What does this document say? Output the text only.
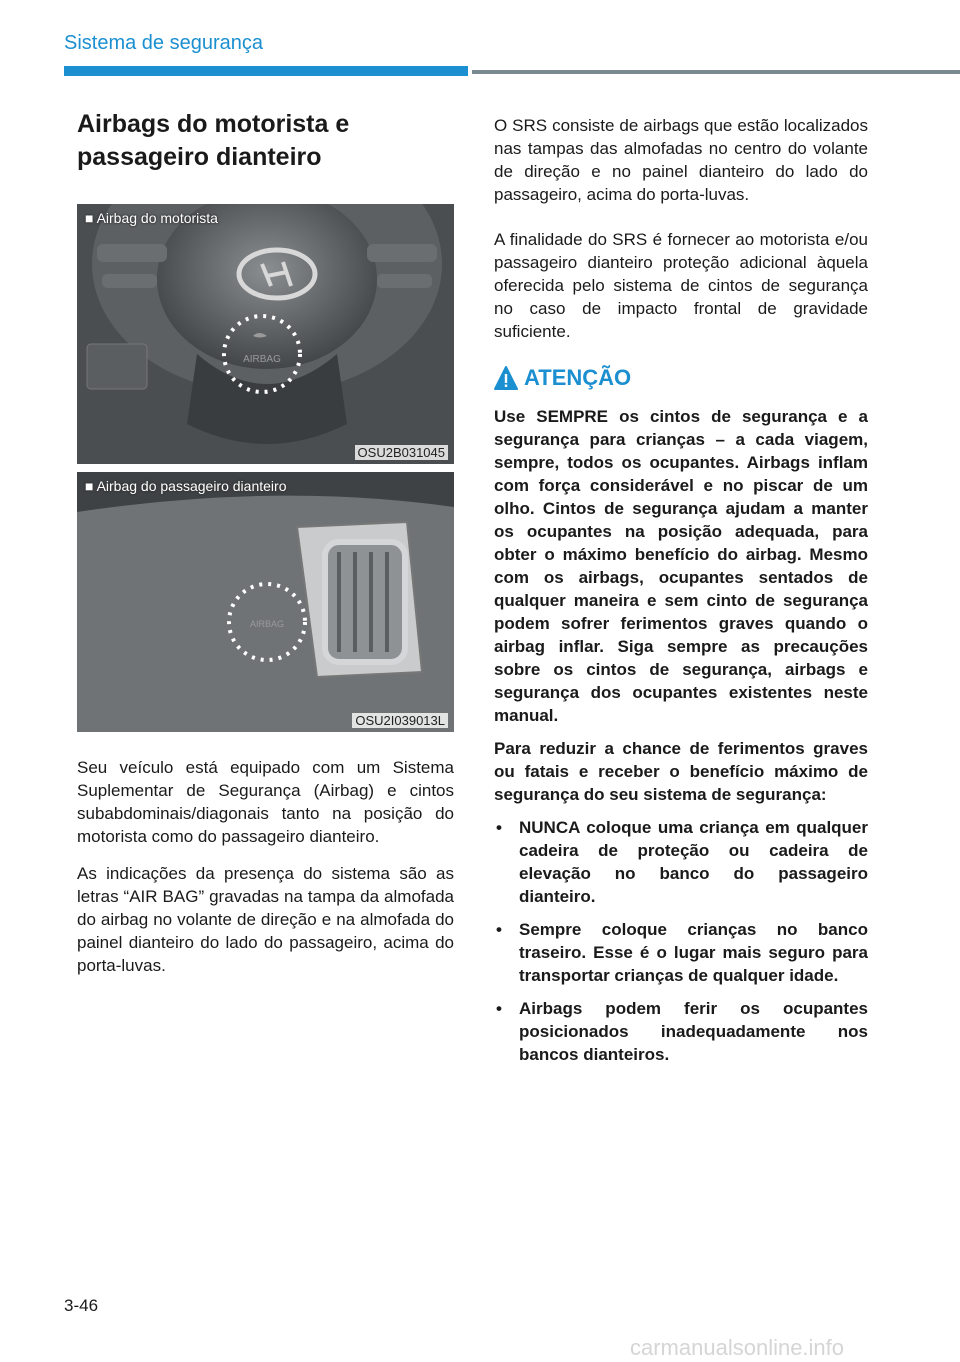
Sistema de segurança
Airbags do motorista e passageiro dianteiro
AIRBAG
■ Airbag do motorista
OSU2B031045
AIRBAG
■ Airbag do passageiro dianteiro
OSU2I039013L

Seu veículo está equipado com um Sistema Suplementar de Segurança (Airbag) e cintos subabdominais/diagonais tanto na posição do motorista como do passageiro dianteiro.

As indicações da presença do sistema são as letras “AIR BAG” gravadas na tampa da almofada do airbag no volante de direção e na almofada do painel dianteiro do lado do passageiro, acima do porta-luvas.

O SRS consiste de airbags que estão localizados nas tampas das almofadas no centro do volante de direção e no painel dianteiro do lado do passageiro, acima do porta-luvas.

A finalidade do SRS é fornecer ao motorista e/ou passageiro dianteiro proteção adicional àquela oferecida pelo sistema de cintos de segurança no caso de impacto frontal de gravidade suficiente.

ATENÇÃO

Use SEMPRE os cintos de segurança e a segurança para crianças – a cada viagem, sempre, todos os ocupantes. Airbags inflam com força considerável e no piscar de um olho. Cintos de segurança ajudam a manter os ocupantes na posição adequada, para obter o máximo benefício do airbag. Mesmo com os airbags, ocupantes sentados de qualquer maneira e sem cinto de segurança podem sofrer ferimentos graves quando o airbag inflar. Siga sempre as precauções sobre os cintos de segurança, airbags e segurança dos ocupantes existentes neste manual.

Para reduzir a chance de ferimentos graves ou fatais e receber o benefício máximo de segurança do seu sistema de segurança:

• NUNCA coloque uma criança em qualquer cadeira de proteção ou cadeira de elevação no banco do passageiro dianteiro.
• Sempre coloque crianças no banco traseiro. Esse é o lugar mais seguro para transportar crianças de qualquer idade.
• Airbags podem ferir os ocupantes posicionados inadequadamente nos bancos dianteiros.
3-46
carmanualsonline.info
